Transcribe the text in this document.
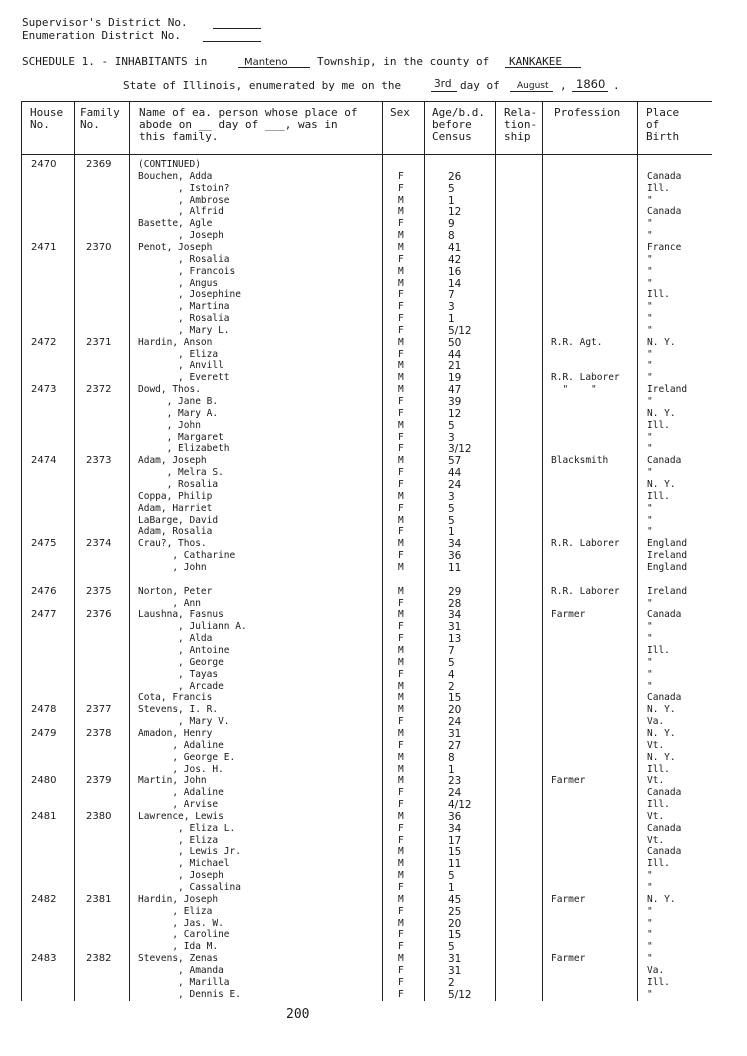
Supervisor's District No.
Enumeration District No.
SCHEDULE 1. - INHABITANTS in	Manteno	Township, in the county of KANKAKEE
State of Illinois, enumerated by me on the	3rd day of August , 1860 .
House
No.
Family
No.
Name of ea. person whose place of
abode on __ day of ___, was in
this family.
Sex Age/b.d.
before
Census
Rela-
tion-
ship
Profession Place
of
Birth
2470	2369	(CONTINUED)
Bouchen, Adda	F	26	Canada
, Istoin?	F	5	Ill.
, Ambrose	M	1	"
, Alfrid	M	12	Canada
Basette, Agle	F	9	"
, Joseph	M	8	"
2471	2370	Penot, Joseph	M	41	France
, Rosalia	F	42	"
, Francois	M	16	"
, Angus	M	14	"
, Josephine	F	7	Ill.
, Martina	F	3	"
, Rosalia	F	1	"
, Mary L.	F	5/12	"
2472	2371	Hardin, Anson	M	50	R.R. Agt.	N. Y.
, Eliza	F	44	"
, Anvill	M	21	"
, Everett	M	19	R.R. Laborer	"
2473	2372	Dowd, Thos.	M	47	"    "	Ireland
, Jane B.	F	39	"
, Mary A.	F	12	N. Y.
, John	M	5	Ill.
, Margaret	F	3	"
, Elizabeth	F	3/12	"
2474	2373	Adam, Joseph	M	57	Blacksmith	Canada
, Melra S.	F	44	"
, Rosalia	F	24	N. Y.
Coppa, Philip	M	3	Ill.
Adam, Harriet	F	5	"
LaBarge, David	M	5	"
Adam, Rosalia	F	1	"
2475	2374	Crau?, Thos.	M	34	R.R. Laborer	England
, Catharine	F	36	Ireland
, John	M	11	England
2476	2375	Norton, Peter	M	29	R.R. Laborer	Ireland
, Ann	F	28	"
2477	2376	Laushna, Fasnus	M	34	Farmer	Canada
, Juliann A.	F	31	"
, Alda	F	13	"
, Antoine	M	7	Ill.
, George	M	5	"
, Tayas	F	4	"
, Arcade	M	2	"
Cota, Francis	M	15	Canada
2478	2377	Stevens, I. R.	M	20	N. Y.
, Mary V.	F	24	Va.
2479	2378	Amadon, Henry	M	31	N. Y.
, Adaline	F	27	Vt.
, George E.	M	8	N. Y.
, Jos. H.	M	1	Ill.
2480	2379	Martin, John	M	23	Farmer	Vt.
, Adaline	F	24	Canada
, Arvise	F	4/12	Ill.
2481	2380	Lawrence, Lewis	M	36	Vt.
, Eliza L.	F	34	Canada
, Eliza	F	17	Vt.
, Lewis Jr.	M	15	Canada
, Michael	M	11	Ill.
, Joseph	M	5	"
, Cassalina	F	1	"
2482	2381	Hardin, Joseph	M	45	Farmer	N. Y.
, Eliza	F	25	"
, Jas. W.	M	20	"
, Caroline	F	15	"
, Ida M.	F	5	"
2483	2382	Stevens, Zenas	M	31	Farmer	"
, Amanda	F	31	Va.
, Marilla	F	2	Ill.
, Dennis E.	F	5/12	"
200
